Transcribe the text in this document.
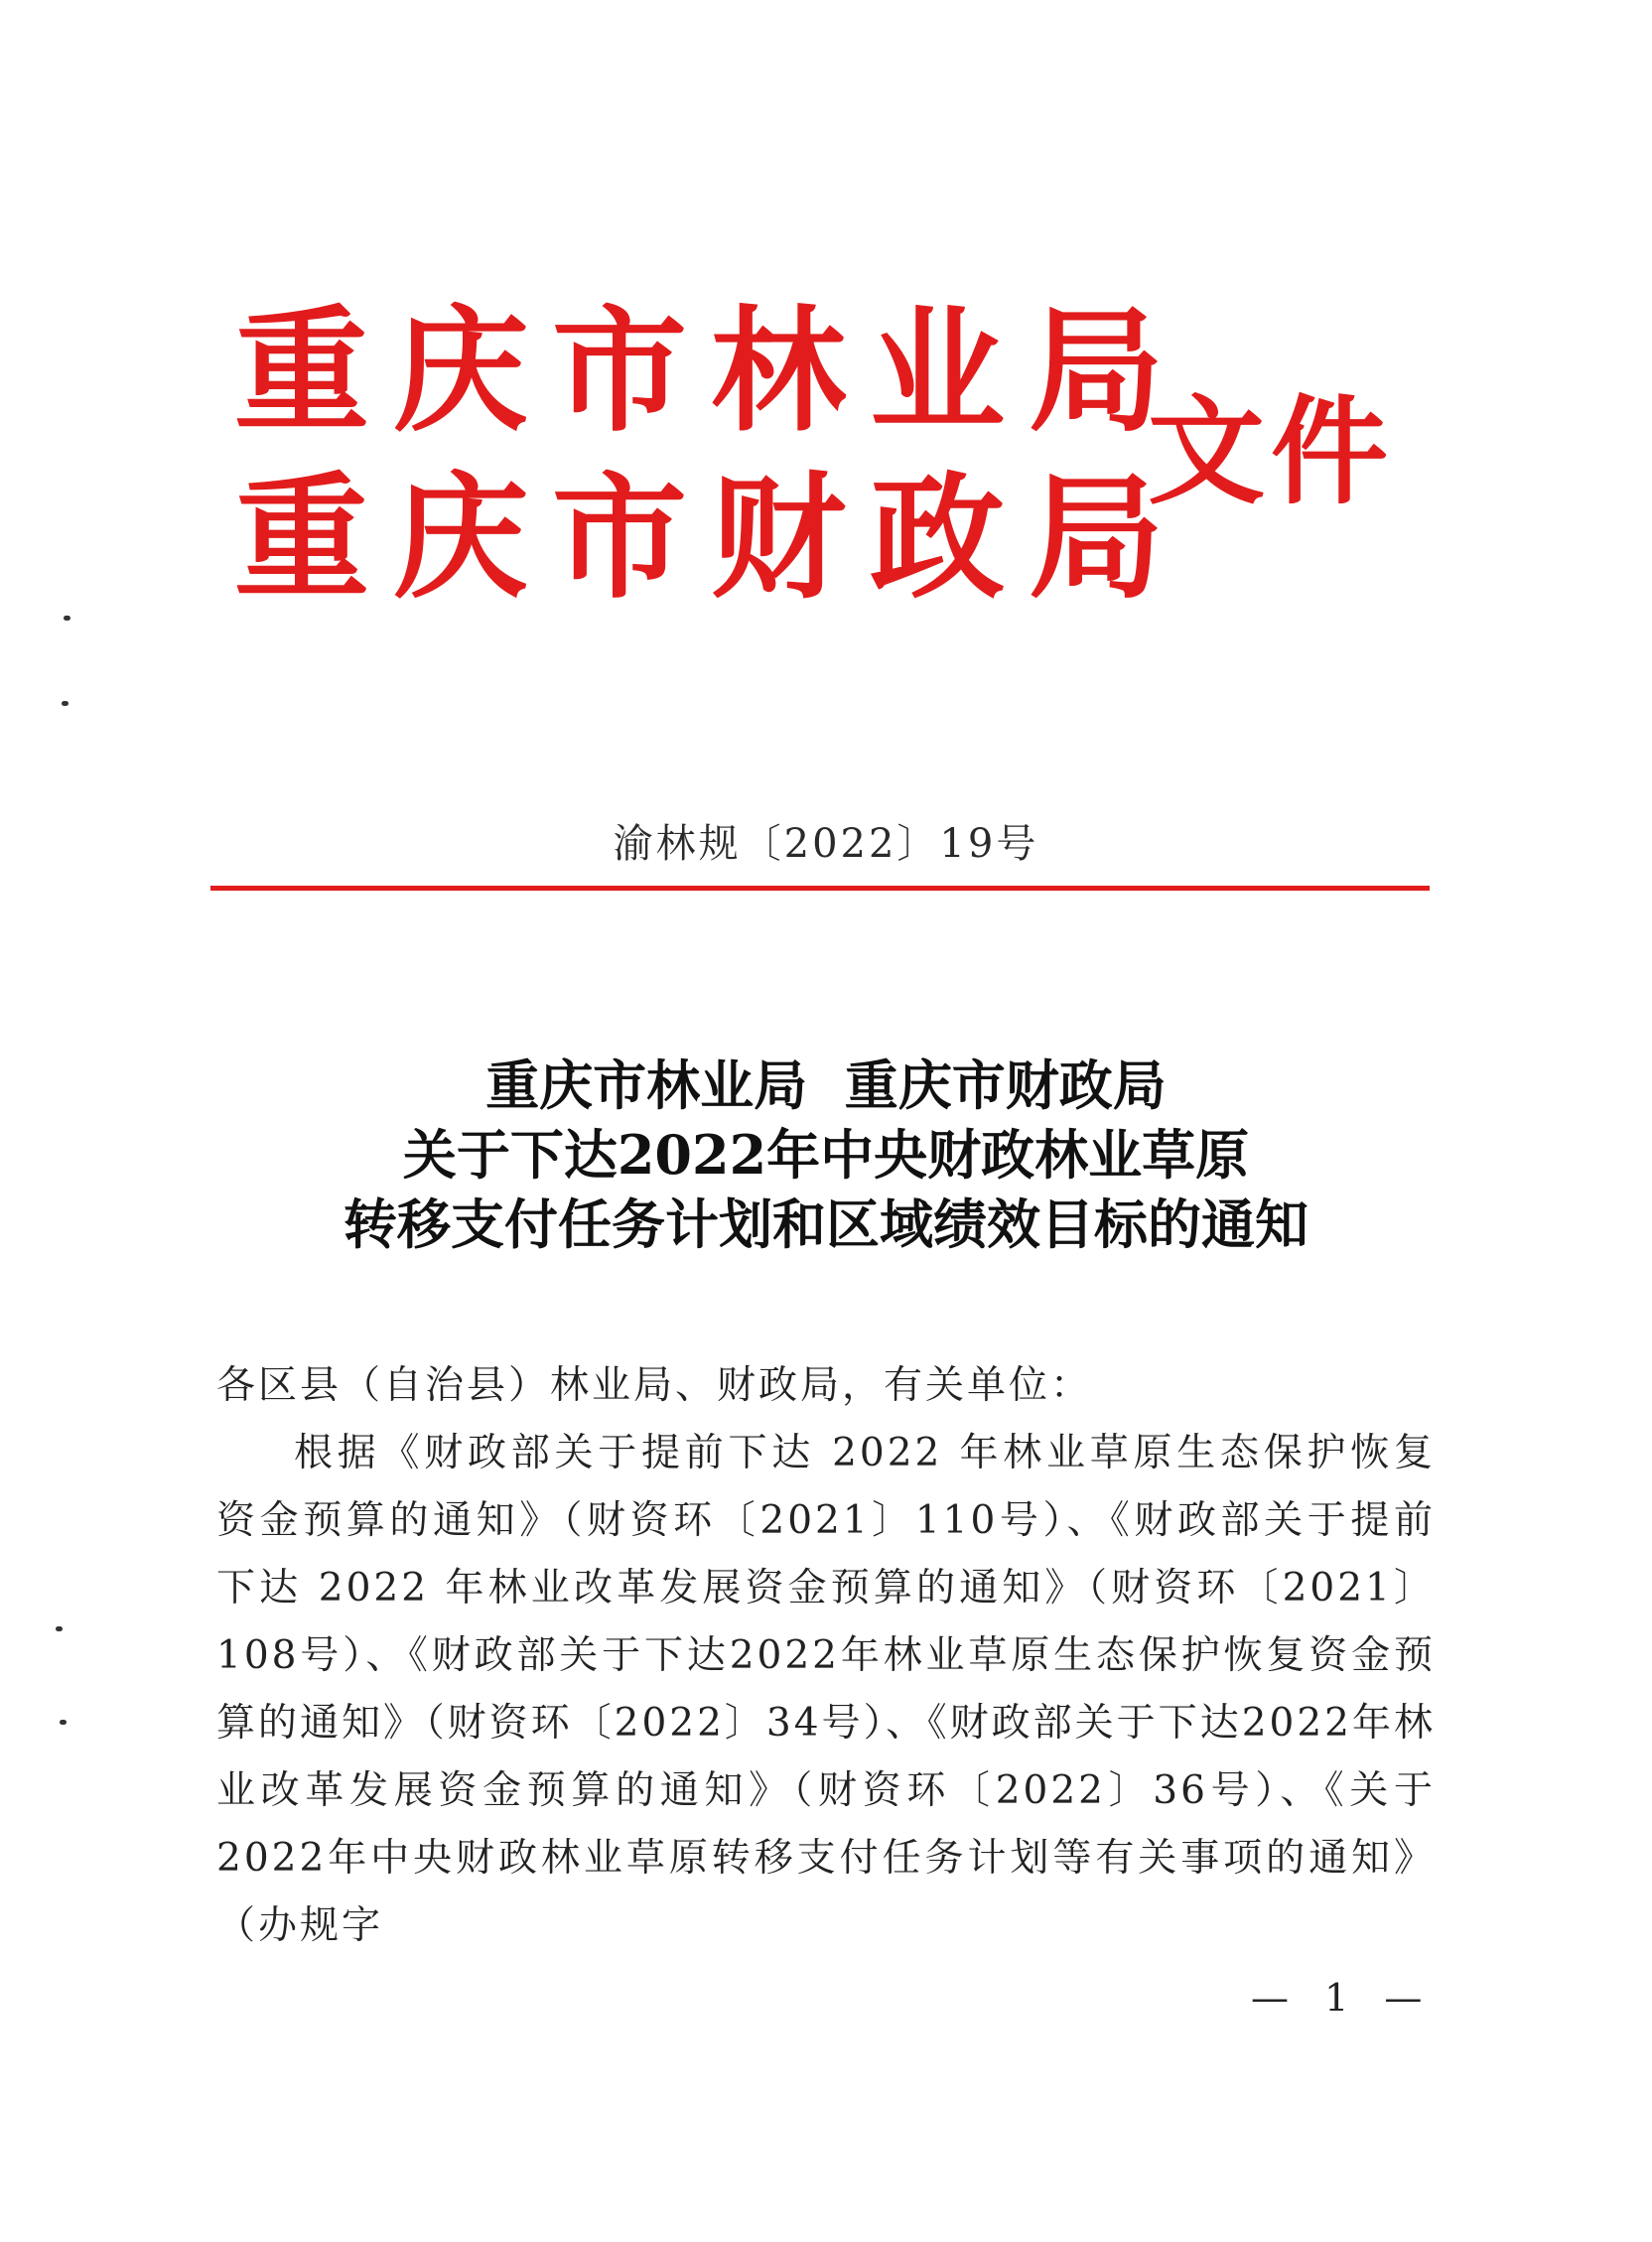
重庆市林业局
重庆市财政局
文件
渝林规〔2022〕19号
重庆市林业局  重庆市财政局
关于下达2022年中央财政林业草原
转移支付任务计划和区域绩效目标的通知

各区县（自治县）林业局、财政局，有关单位：

根据《财政部关于提前下达 2022 年林业草原生态保护恢复资金预算的通知》（财资环〔2021〕110号）、《财政部关于提前下达 2022 年林业改革发展资金预算的通知》（财资环〔2021〕108号）、《财政部关于下达2022年林业草原生态保护恢复资金预算的通知》（财资环〔2022〕34号）、《财政部关于下达2022年林业改革发展资金预算的通知》（财资环〔2022〕36号）、《关于2022年中央财政林业草原转移支付任务计划等有关事项的通知》（办规字

— 1 —
